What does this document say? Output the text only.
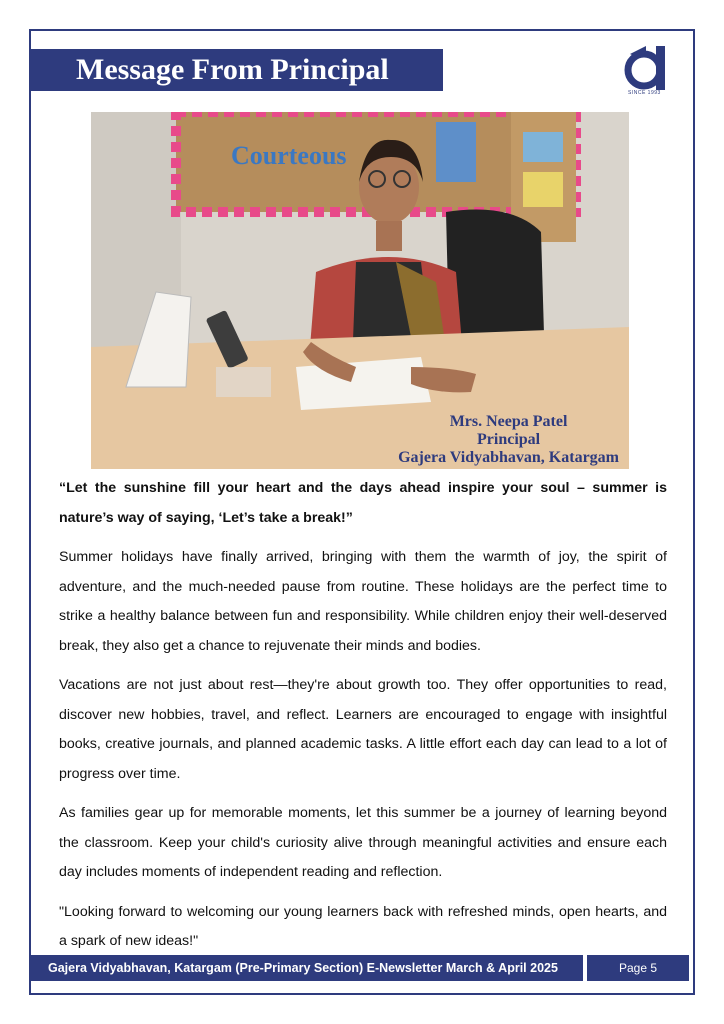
Message From Principal
SINCE 1993
Courteous
Mrs. Neepa Patel
Principal
Gajera Vidyabhavan, Katargam

“Let the sunshine fill your heart and the days ahead inspire your soul – summer is nature’s way of saying, ‘Let’s take a break!”

Summer holidays have finally arrived, bringing with them the warmth of joy, the spirit of adventure, and the much-needed pause from routine. These holidays are the perfect time to strike a healthy balance between fun and responsibility. While children enjoy their well-deserved break, they also get a chance to rejuvenate their minds and bodies.

Vacations are not just about rest—they're about growth too. They offer opportunities to read, discover new hobbies, travel, and reflect. Learners are encouraged to engage with insightful books, creative journals, and planned academic tasks. A little effort each day can lead to a lot of progress over time.

As families gear up for memorable moments, let this summer be a journey of learning beyond the classroom. Keep your child's curiosity alive through meaningful activities and ensure each day includes moments of independent reading and reflection.

"Looking forward to welcoming our young learners back with refreshed minds, open hearts, and a spark of new ideas!"

Gajera Vidyabhavan, Katargam (Pre-Primary Section) E-Newsletter March & April 2025	Page 5
